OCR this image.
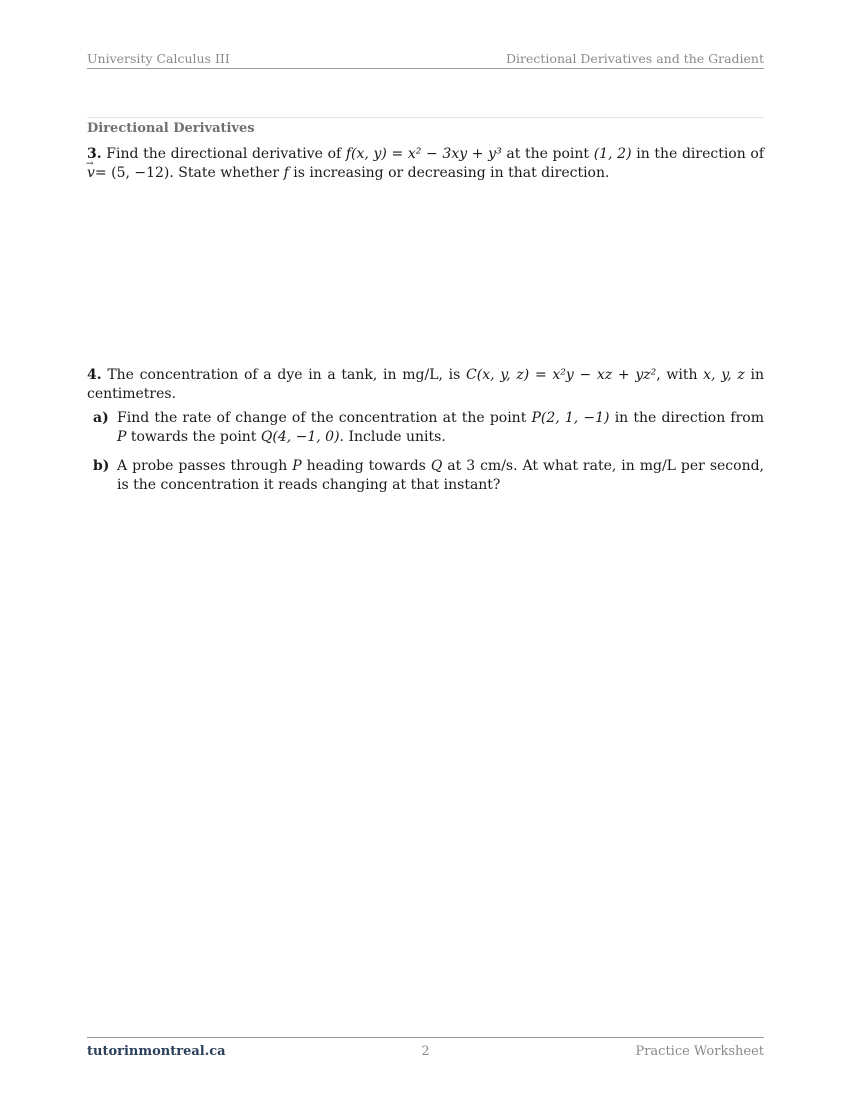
University Calculus III	Directional Derivatives and the Gradient
Directional Derivatives

3. Find the directional derivative of f(x, y) = x² − 3xy + y³ at the point (1, 2) in the direction of → v= (5, −12). State whether f is increasing or decreasing in that direction.

4. The concentration of a dye in a tank, in mg/L, is C(x, y, z) = x²y − xz + yz², with x, y, z in centimetres.

a) Find the rate of change of the concentration at the point P(2, 1, −1) in the direction from P towards the point Q(4, −1, 0). Include units.
b) A probe passes through P heading towards Q at 3 cm/s. At what rate, in mg/L per second, is the concentration it reads changing at that instant?
tutorinmontreal.ca	2	Practice Worksheet
